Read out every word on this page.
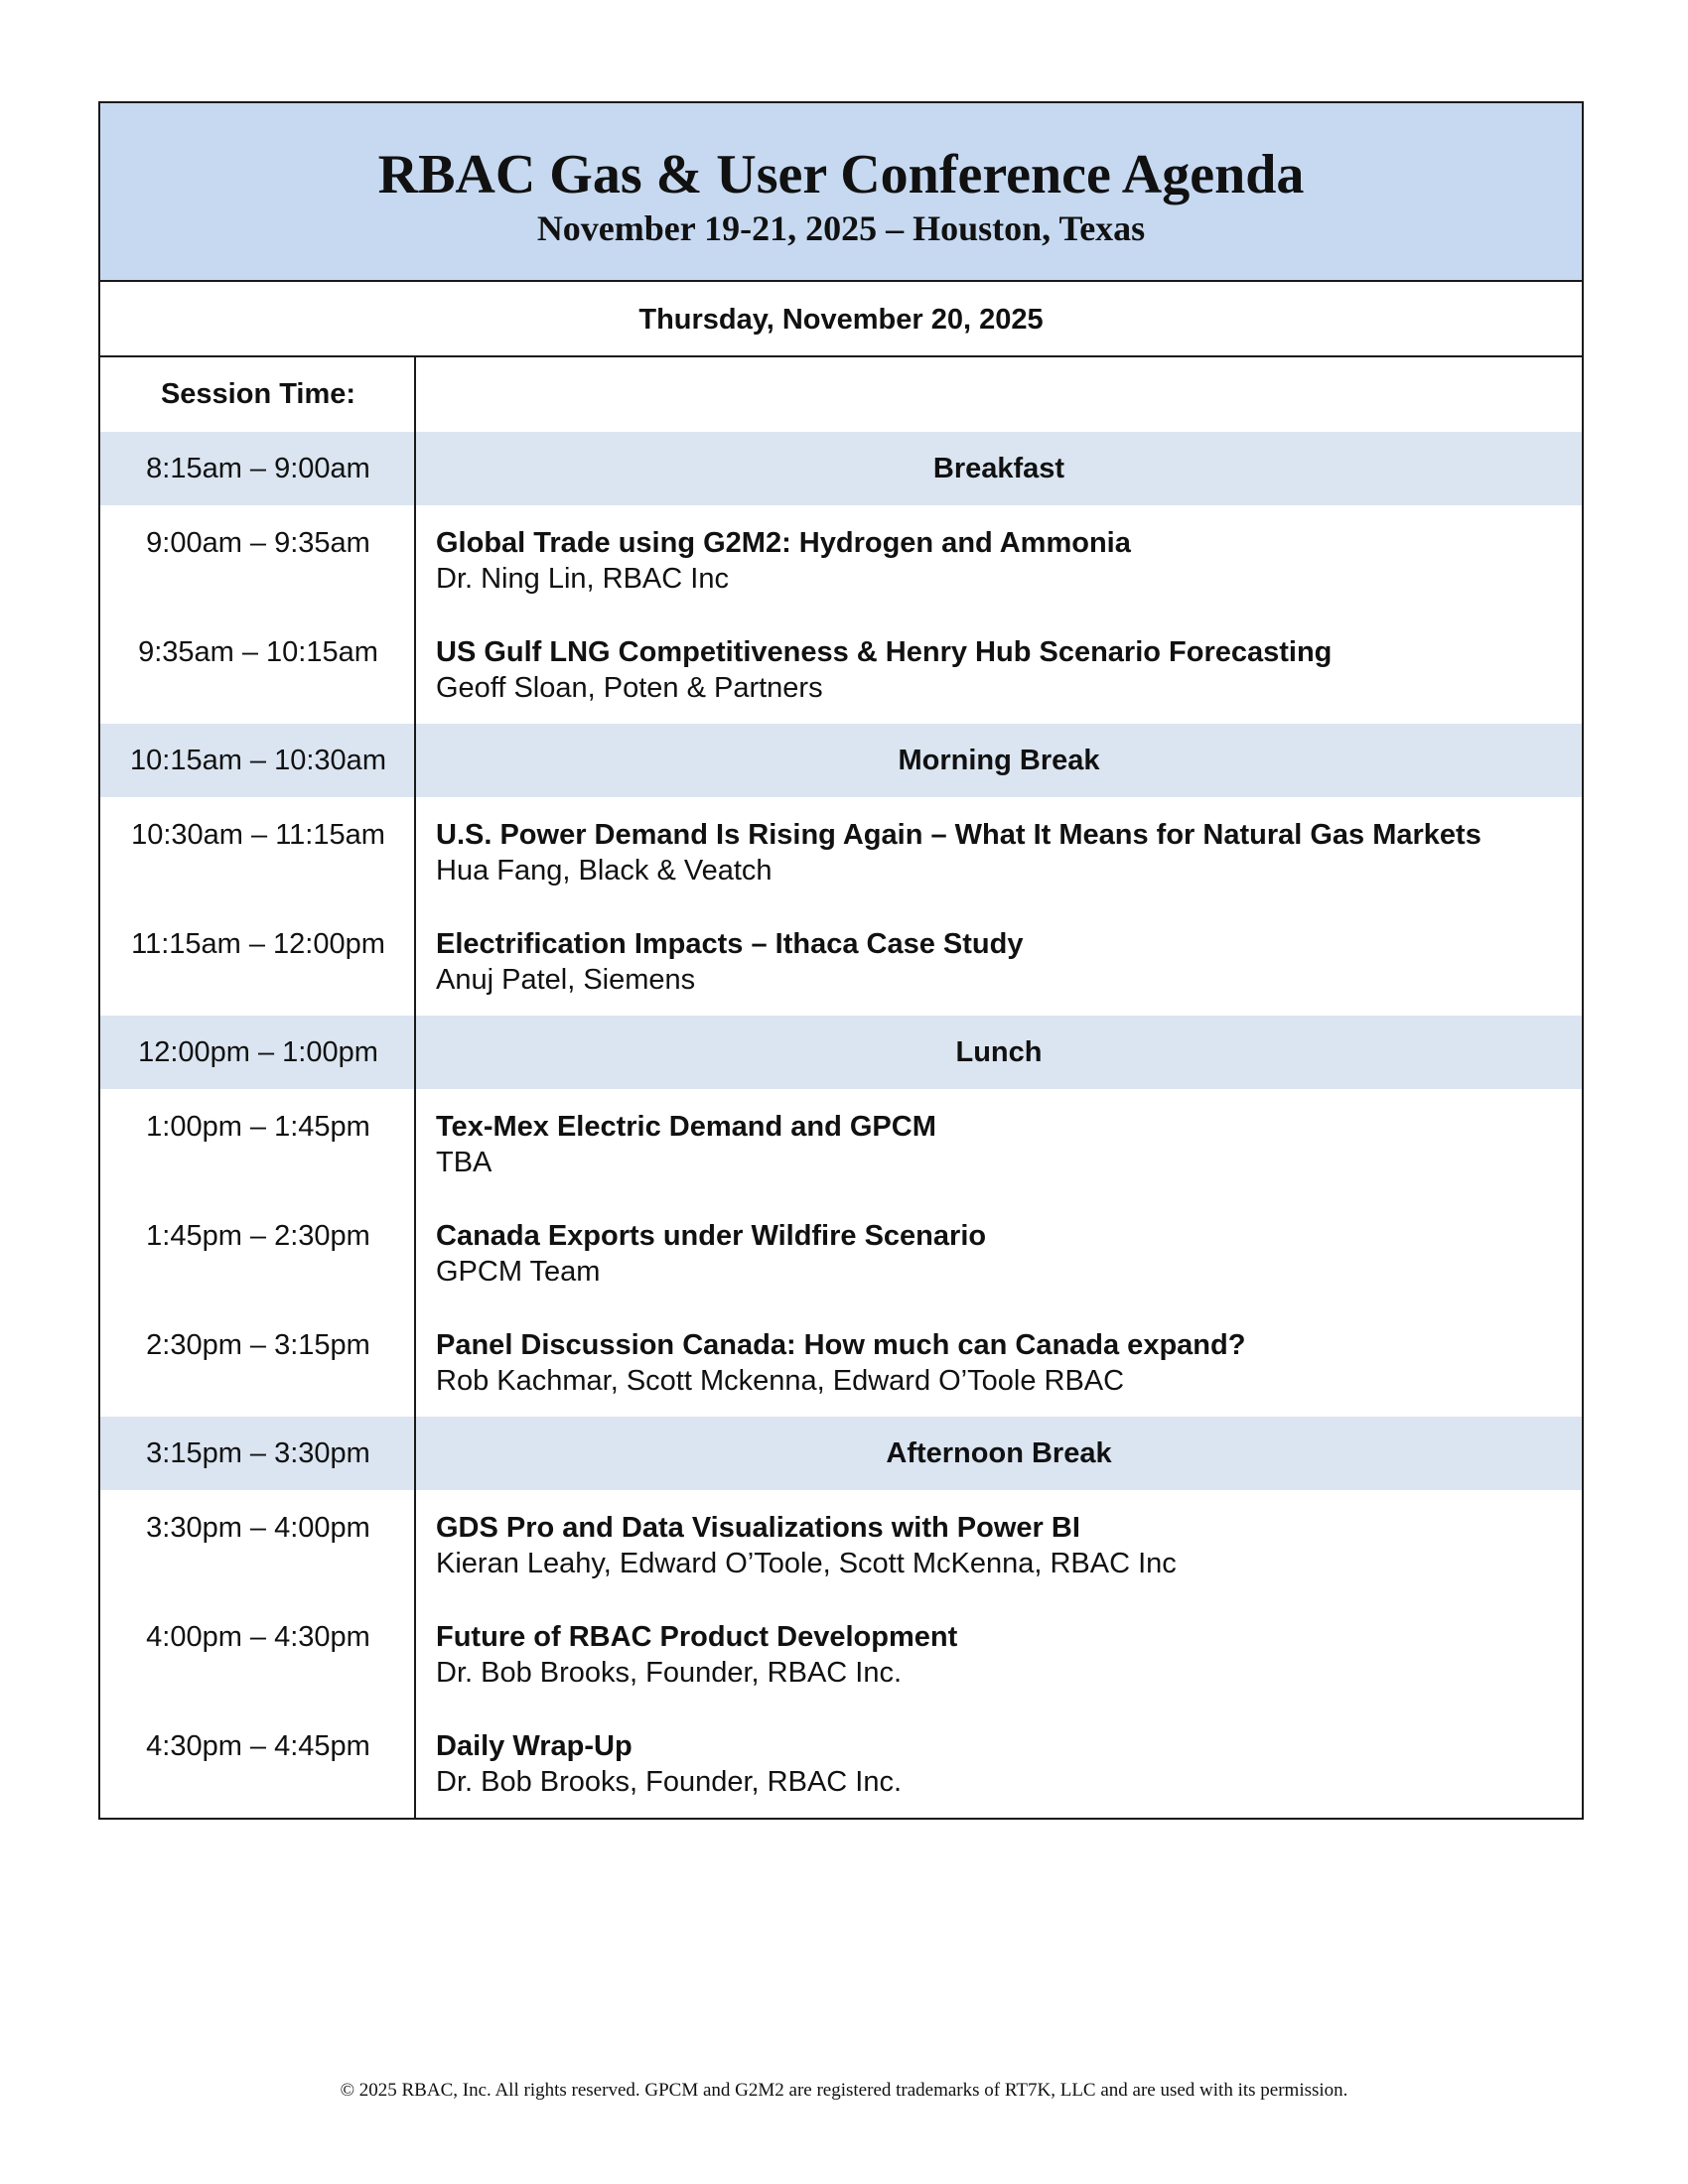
RBAC Gas & User Conference Agenda
November 19-21, 2025 – Houston, Texas
Thursday, November 20, 2025
Session Time:
8:15am – 9:00am	Breakfast
9:00am – 9:35am	Global Trade using G2M2: Hydrogen and Ammonia
Dr. Ning Lin, RBAC Inc
9:35am – 10:15am	US Gulf LNG Competitiveness & Henry Hub Scenario Forecasting
Geoff Sloan, Poten & Partners
10:15am – 10:30am	Morning Break
10:30am – 11:15am	U.S. Power Demand Is Rising Again – What It Means for Natural Gas Markets
Hua Fang, Black & Veatch
11:15am – 12:00pm	Electrification Impacts – Ithaca Case Study
Anuj Patel, Siemens
12:00pm – 1:00pm	Lunch
1:00pm – 1:45pm	Tex-Mex Electric Demand and GPCM
TBA
1:45pm – 2:30pm	Canada Exports under Wildfire Scenario
GPCM Team
2:30pm – 3:15pm	Panel Discussion Canada: How much can Canada expand?
Rob Kachmar, Scott Mckenna, Edward O’Toole RBAC
3:15pm – 3:30pm	Afternoon Break
3:30pm – 4:00pm	GDS Pro and Data Visualizations with Power BI
Kieran Leahy, Edward O’Toole, Scott McKenna, RBAC Inc
4:00pm – 4:30pm	Future of RBAC Product Development
Dr. Bob Brooks, Founder, RBAC Inc.
4:30pm – 4:45pm	Daily Wrap-Up
Dr. Bob Brooks, Founder, RBAC Inc.
© 2025 RBAC, Inc. All rights reserved. GPCM and G2M2 are registered trademarks of RT7K, LLC and are used with its permission.
